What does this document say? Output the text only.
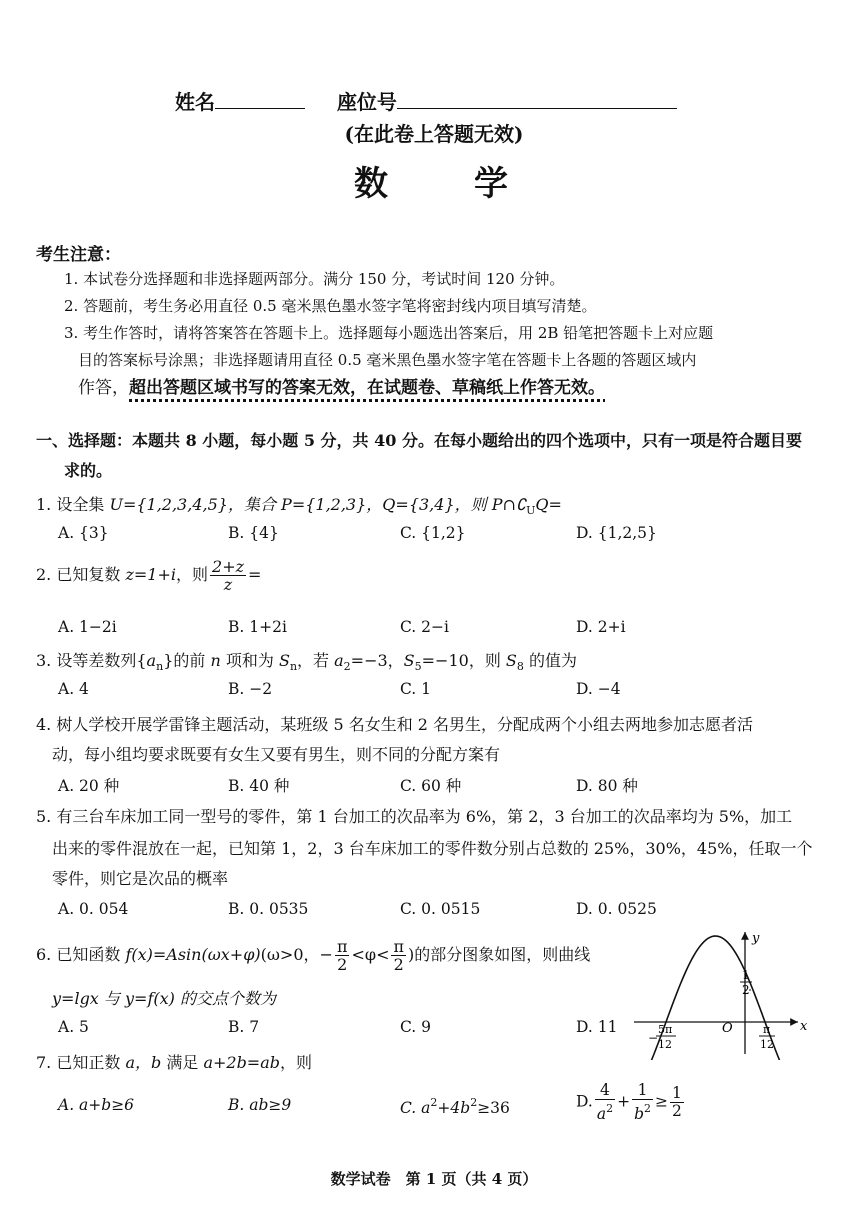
姓名	座位号
(在此卷上答题无效)
数　　学
考生注意：
1. 本试卷分选择题和非选择题两部分。满分 150 分，考试时间 120 分钟。
2. 答题前，考生务必用直径 0.5 毫米黑色墨水签字笔将密封线内项目填写清楚。
3. 考生作答时，请将答案答在答题卡上。选择题每小题选出答案后，用 2B 铅笔把答题卡上对应题
目的答案标号涂黑；非选择题请用直径 0.5 毫米黑色墨水签字笔在答题卡上各题的答题区域内
作答，超出答题区域书写的答案无效，在试题卷、草稿纸上作答无效。
一、选择题：本题共 8 小题，每小题 5 分，共 40 分。在每小题给出的四个选项中，只有一项是符合题目要
求的。
1. 设全集 U={1,2,3,4,5}，集合 P={1,2,3}，Q={3,4}，则 $P\cap∁_UQ=$
A. {3}	B. {4}	C. {1,2}	D. {1,2,5}
2. 已知复数 z=1+i，则 $\frac{2+z}{z}$ =
A. 1−2i	B. 1+2i	C. 2−i	D. 2+i
3. 设等差数列$\{a_n\}$的前 n 项和为 $S_n$，若 $a_2=-3$，$S_5=-10$，则 $S_8$ 的值为
A. 4	B. −2	C. 1	D. −4
4. 树人学校开展学雷锋主题活动，某班级 5 名女生和 2 名男生，分配成两个小组去两地参加志愿者活
动，每小组均要求既要有女生又要有男生，则不同的分配方案有
A. 20 种	B. 40 种	C. 60 种	D. 80 种
5. 有三台车床加工同一型号的零件，第 1 台加工的次品率为 6%，第 2，3 台加工的次品率均为 5%，加工
出来的零件混放在一起，已知第 1，2，3 台车床加工的零件数分别占总数的 25%，30%，45%，任取一个
零件，则它是次品的概率
A. 0. 054	B. 0. 0535	C. 0. 0515	D. 0. 0525
6. 已知函数 f(x)=Asin(ωx+φ)(ω>0，− $\frac{\pi}{2} <\varphi< \frac{\pi}{2}$ )的部分图象如图，则曲线
y=lgx 与 y=f(x) 的交点个数为
A. 5	B. 7	C. 9	D. 11
y
x
O
1
2
−
5π
12
π
12
7. 已知正数 a，b 满足 a+2b=ab，则
A. a+b≥6	B. ab≥9	C. $a^2+4b^2\ge 36$	D. $\frac{4}{a^2} + \frac{1}{b^2} \ge \frac{1}{2}$
数学试卷　第 1 页（共 4 页）
